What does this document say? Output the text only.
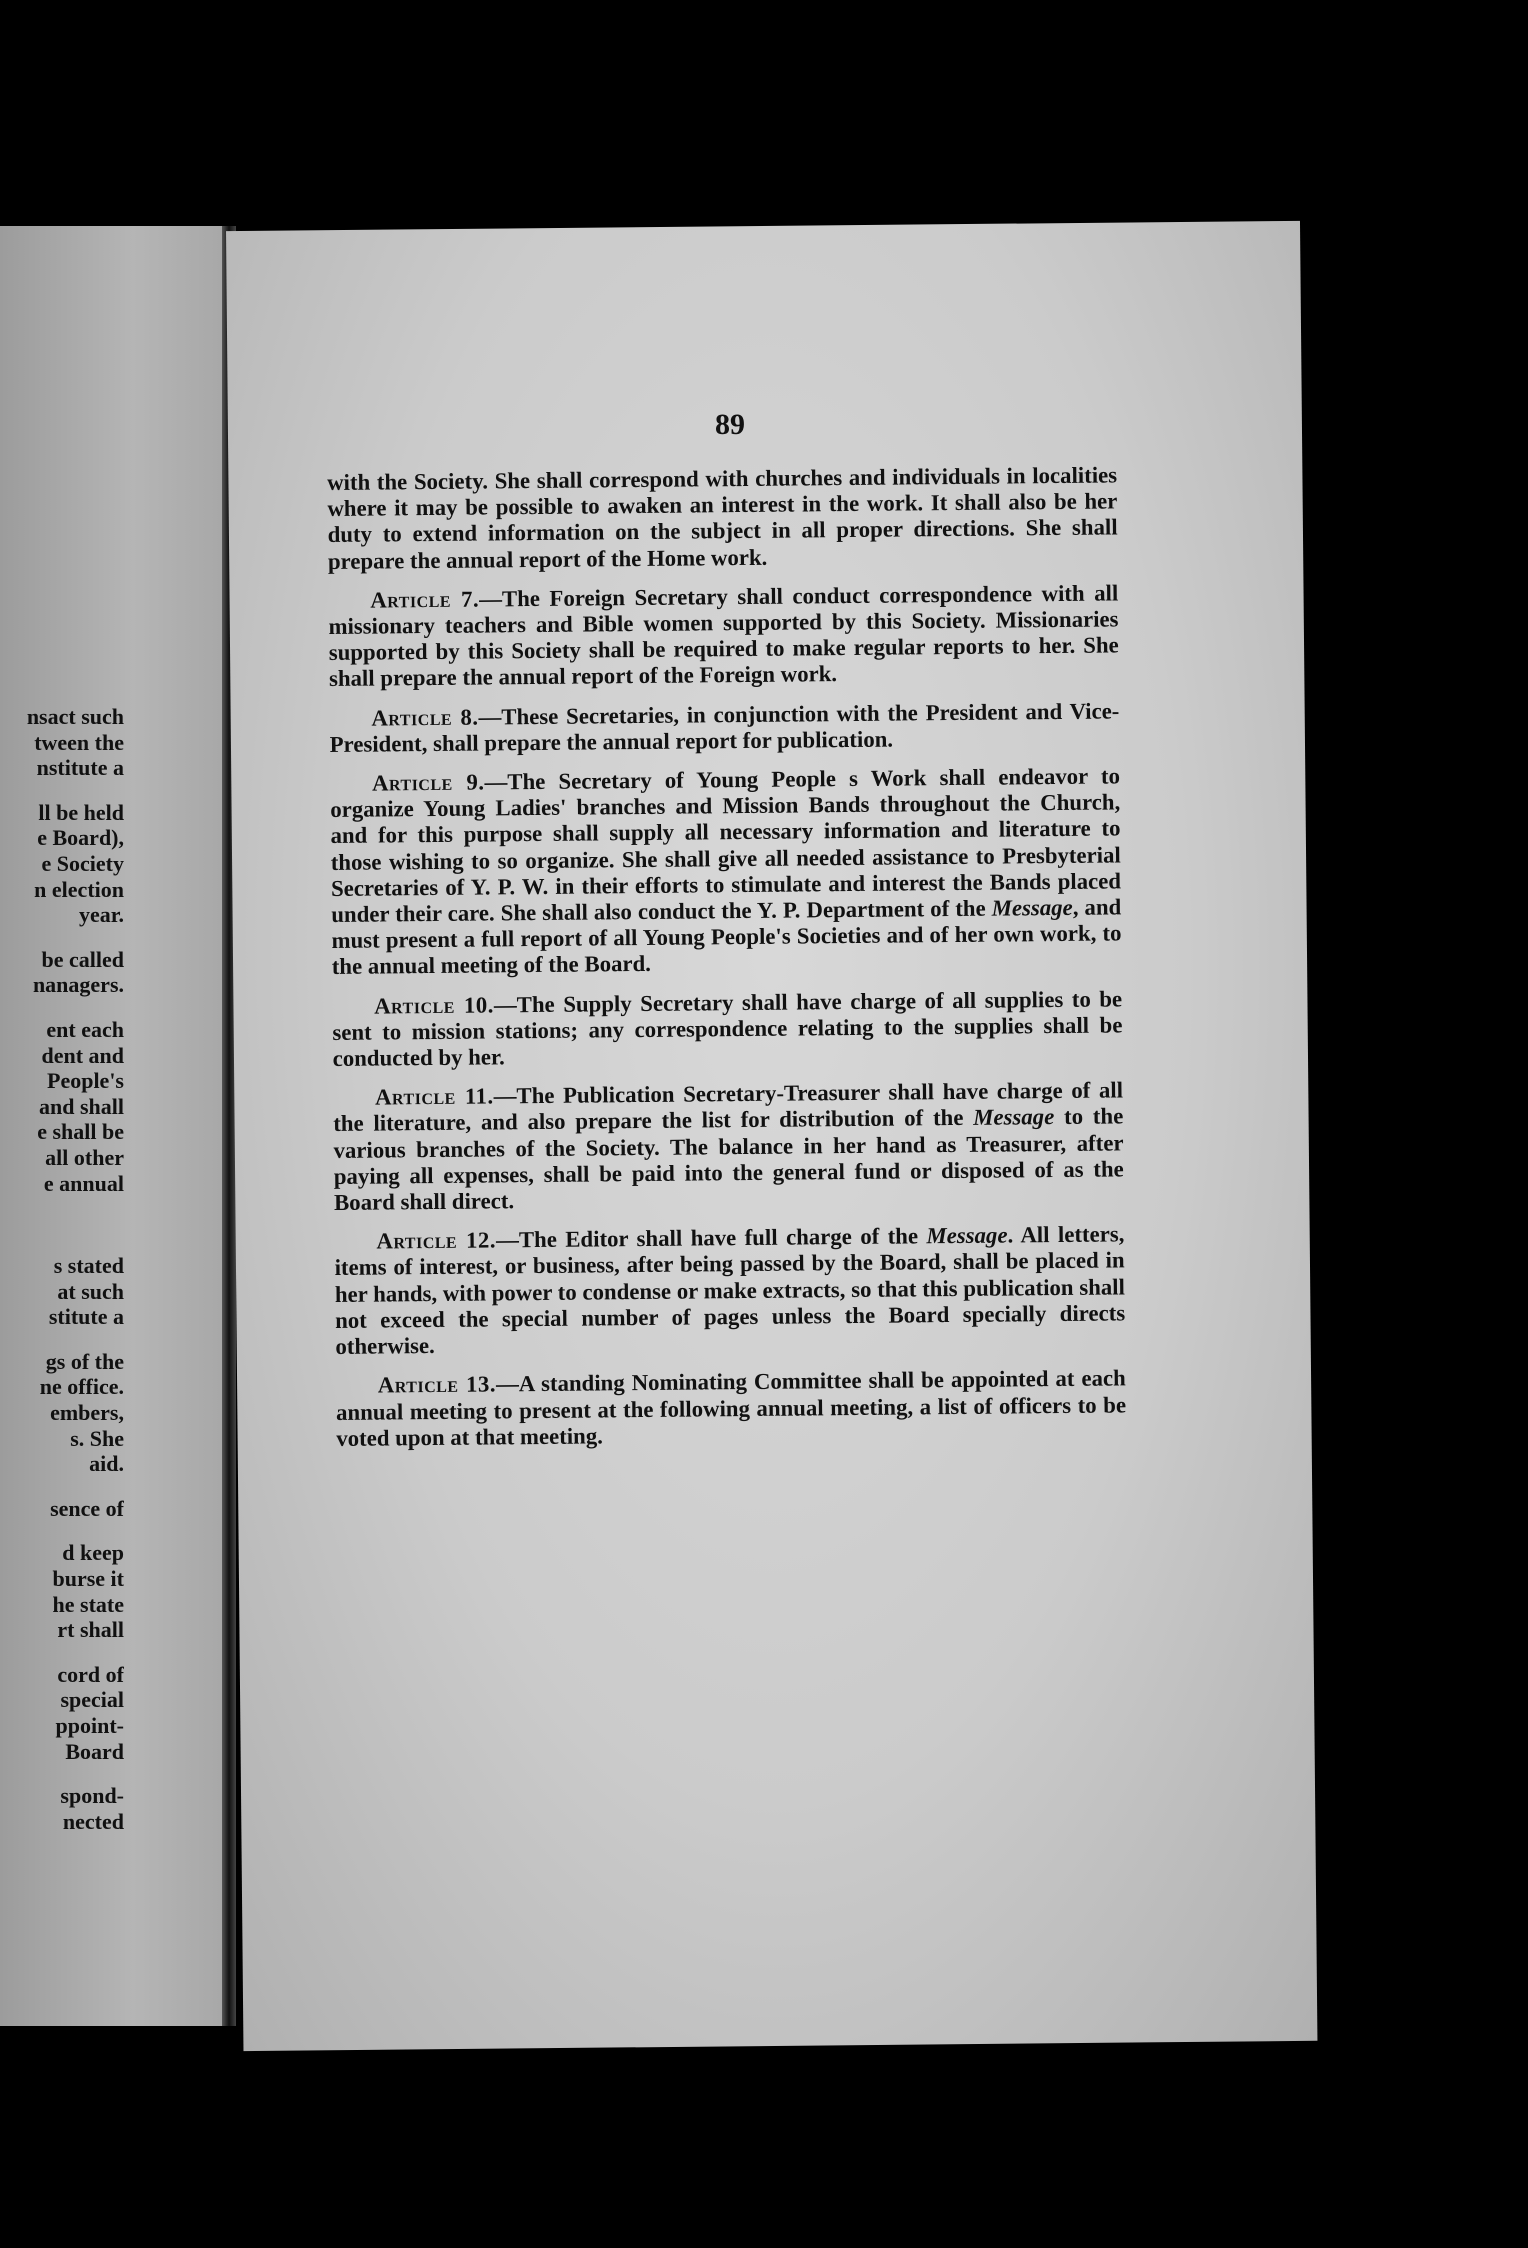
nsact such
tween the
nstitute a
ll be held
e Board),
e Society
n election
year.
be called
nanagers.
ent each
dent and
People's
and shall
e shall be
all other
e annual
s stated
at such
stitute a
gs of the
ne office.
embers,
s. She
aid.
sence of
d keep
burse it
he state
rt shall
cord of
special
ppoint-
Board
spond-
nected
89

with the Society. She shall correspond with churches and individuals in localities where it may be possible to awaken an interest in the work. It shall also be her duty to extend information on the subject in all proper directions. She shall prepare the annual report of the Home work.

Article 7.—The Foreign Secretary shall conduct correspondence with all missionary teachers and Bible women supported by this Society. Missionaries supported by this Society shall be required to make regular reports to her. She shall prepare the annual report of the Foreign work.

Article 8.—These Secretaries, in conjunction with the President and Vice-President, shall prepare the annual report for publication.

Article 9.—The Secretary of Young People s Work shall endeavor to organize Young Ladies' branches and Mission Bands throughout the Church, and for this purpose shall supply all necessary information and literature to those wishing to so organize. She shall give all needed assistance to Presbyterial Secretaries of Y. P. W. in their efforts to stimulate and interest the Bands placed under their care. She shall also conduct the Y. P. Department of the Message, and must present a full report of all Young People's Societies and of her own work, to the annual meeting of the Board.

Article 10.—The Supply Secretary shall have charge of all supplies to be sent to mission stations; any correspondence relating to the supplies shall be conducted by her.

Article 11.—The Publication Secretary-Treasurer shall have charge of all the literature, and also prepare the list for distribution of the Message to the various branches of the Society. The balance in her hand as Treasurer, after paying all expenses, shall be paid into the general fund or disposed of as the Board shall direct.

Article 12.—The Editor shall have full charge of the Message. All letters, items of interest, or business, after being passed by the Board, shall be placed in her hands, with power to condense or make extracts, so that this publication shall not exceed the special number of pages unless the Board specially directs otherwise.

Article 13.—A standing Nominating Committee shall be appointed at each annual meeting to present at the following annual meeting, a list of officers to be voted upon at that meeting.
